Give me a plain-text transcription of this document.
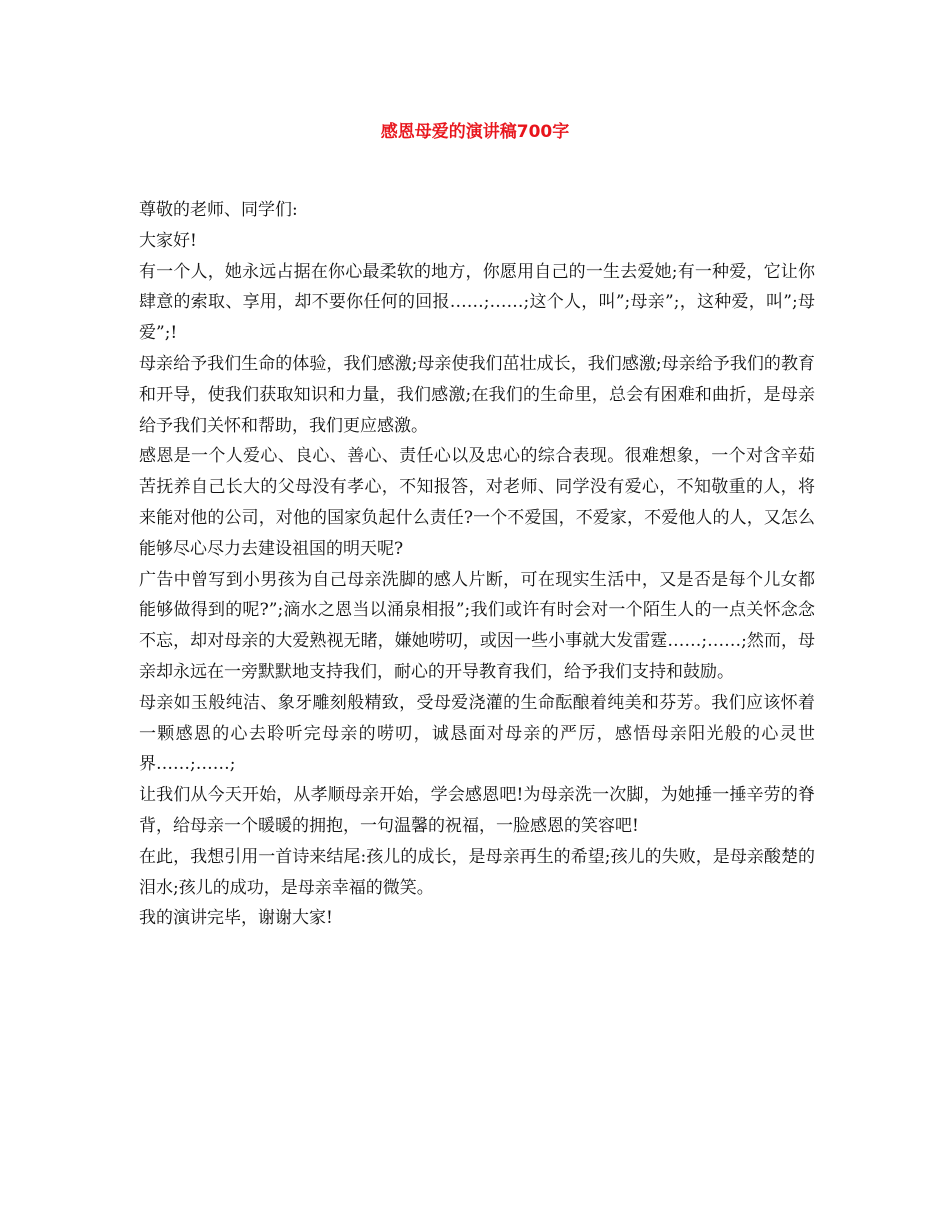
感恩母爱的演讲稿700字

尊敬的老师、同学们:

大家好!

有一个人，她永远占据在你心最柔软的地方，你愿用自己的一生去爱她;有一种爱，它让你肆意的索取、享用，却不要你任何的回报……;……;这个人，叫”;母亲”;，这种爱，叫”;母爱”;!

母亲给予我们生命的体验，我们感激;母亲使我们茁壮成长，我们感激;母亲给予我们的教育和开导，使我们获取知识和力量，我们感激;在我们的生命里，总会有困难和曲折，是母亲给予我们关怀和帮助，我们更应感激。

感恩是一个人爱心、良心、善心、责任心以及忠心的综合表现。很难想象，一个对含辛茹苦抚养自己长大的父母没有孝心，不知报答，对老师、同学没有爱心，不知敬重的人，将来能对他的公司，对他的国家负起什么责任?一个不爱国，不爱家，不爱他人的人，又怎么能够尽心尽力去建设祖国的明天呢?

广告中曾写到小男孩为自己母亲洗脚的感人片断，可在现实生活中，又是否是每个儿女都能够做得到的呢?”;滴水之恩当以涌泉相报”;我们或许有时会对一个陌生人的一点关怀念念不忘，却对母亲的大爱熟视无睹，嫌她唠叨，或因一些小事就大发雷霆……;……;然而，母亲却永远在一旁默默地支持我们，耐心的开导教育我们，给予我们支持和鼓励。

母亲如玉般纯洁、象牙雕刻般精致，受母爱浇灌的生命酝酿着纯美和芬芳。我们应该怀着一颗感恩的心去聆听完母亲的唠叨，诚恳面对母亲的严厉，感悟母亲阳光般的心灵世界……;……;

让我们从今天开始，从孝顺母亲开始，学会感恩吧!为母亲洗一次脚，为她捶一捶辛劳的脊背，给母亲一个暖暖的拥抱，一句温馨的祝福，一脸感恩的笑容吧!

在此，我想引用一首诗来结尾:孩儿的成长，是母亲再生的希望;孩儿的失败，是母亲酸楚的泪水;孩儿的成功，是母亲幸福的微笑。

我的演讲完毕，谢谢大家!
